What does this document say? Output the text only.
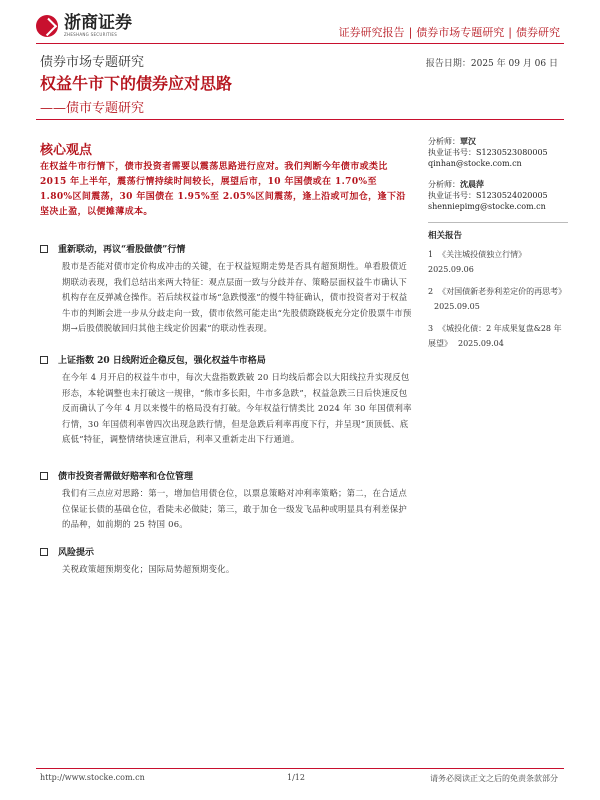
浙商证券
ZHESHANG SECURITIES	证券研究报告 | 债券市场专题研究 | 债券研究
债券市场专题研究	报告日期：2025 年 09 月 06 日
权益牛市下的债券应对思路
——债市专题研究
核心观点
在权益牛市行情下，债市投资者需要以震荡思路进行应对。我们判断今年债市或类比 2015 年上半年，震荡行情持续时间较长，展望后市，10 年国债或在 1.70%至 1.80%区间震荡，30 年国债在 1.95%至 2.05%区间震荡，逢上沿或可加仓，逢下沿坚决止盈，以便摊薄成本。
重新联动，再议“看股做债”行情
股市是否能对债市定价构成冲击的关键，在于权益短期走势是否具有超预期性。单看股债近期联动表现，我们总结出来两大特征：观点层面一致与分歧并存、策略层面权益牛市确认下机构存在反弹减仓操作。若后续权益市场“急跌慢涨”的慢牛特征确认，债市投资者对于权益牛市的判断会进一步从分歧走向一致，债市依然可能走出“先股债跷跷板充分定价股票牛市预期→后股债脱敏回归其他主线定价因素”的联动性表现。
上证指数 20 日线附近企稳反包，强化权益牛市格局
在今年 4 月开启的权益牛市中，每次大盘指数跌破 20 日均线后都会以大阳线拉升实现反包形态，本轮调整也未打破这一规律，“熊市多长阳，牛市多急跌”，权益急跌三日后快速反包反而确认了今年 4 月以来慢牛的格局没有打破。今年权益行情类比 2024 年 30 年国债利率行情，30 年国债利率曾四次出现急跌行情，但是急跌后利率再度下行，并呈现“顶顶低、底底低”特征，调整情绪快速宣泄后，利率又重新走出下行通道。
债市投资者需做好赔率和仓位管理
我们有三点应对思路：第一，增加信用债仓位，以票息策略对冲利率策略；第二，在合适点位保证长债的基础仓位，看陡未必做陡；第三，敢于加仓一级发飞品种或明显具有利差保护的品种，如前期的 25 特国 06。
风险提示
关税政策超预期变化；国际局势超预期变化。
分析师：覃汉
执业证书号：S1230523080005
qinhan@stocke.com.cn
分析师：沈晨萍
执业证书号：S1230524020005
shenniepimg@stocke.com.cn
相关报告
1 《关注城投债独立行情》
2025.09.06
2 《对国债新老券利差定价的再思考》2025.09.05
3 《城投化债：2 年成果复盘&28 年展望》 2025.09.04
http://www.stocke.com.cn	1/12	请务必阅读正文之后的免责条款部分
